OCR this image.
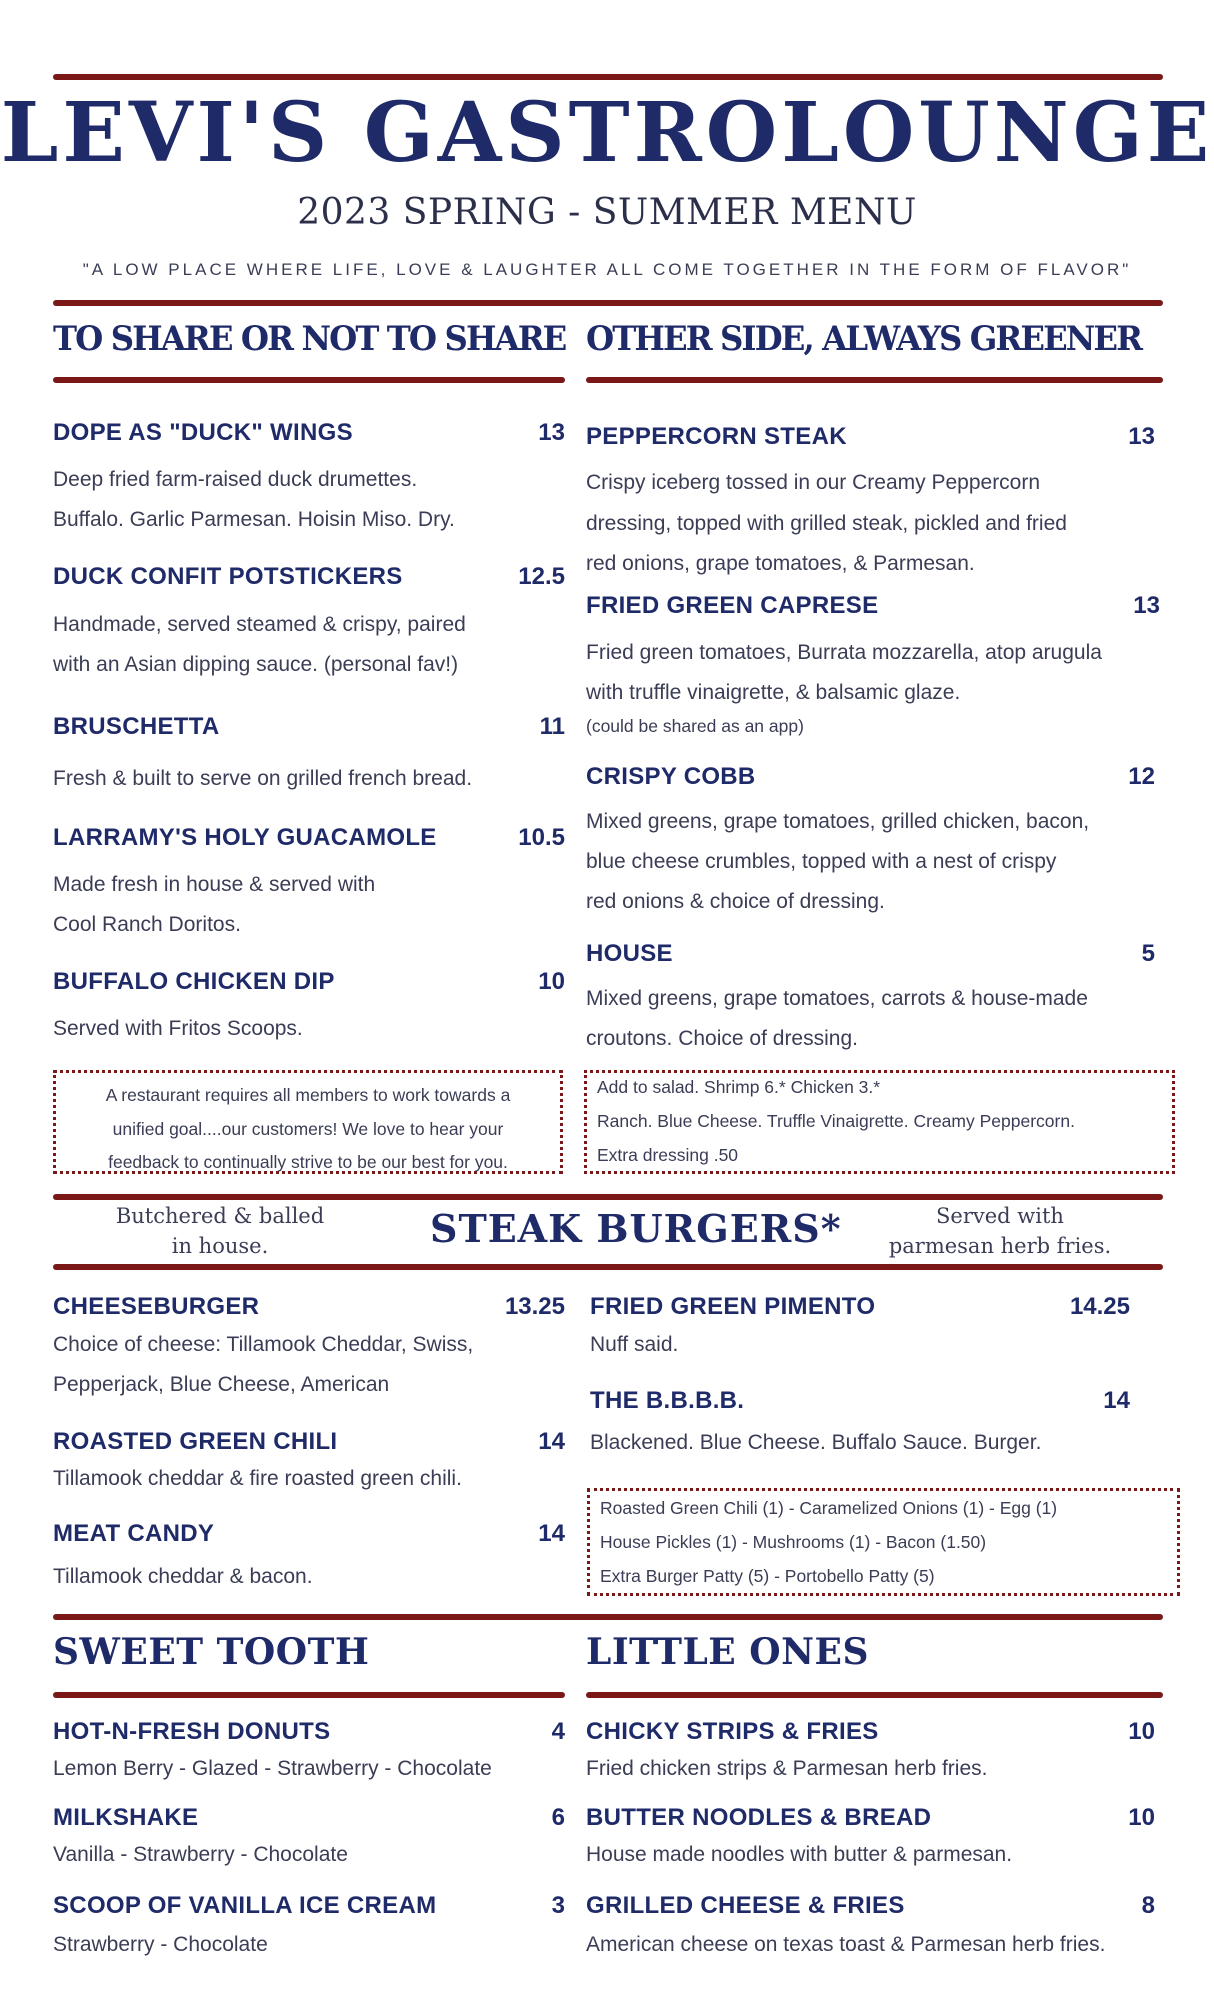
LEVI'S GASTROLOUNGE
2023 SPRING - SUMMER MENU
"A LOW PLACE WHERE LIFE, LOVE & LAUGHTER ALL COME TOGETHER IN THE FORM OF FLAVOR"
TO SHARE OR NOT TO SHARE OTHER SIDE, ALWAYS GREENER
DOPE AS "DUCK" WINGS	13
Deep fried farm-raised duck drumettes.
Buffalo. Garlic Parmesan. Hoisin Miso. Dry.
DUCK CONFIT POTSTICKERS	12.5
Handmade, served steamed & crispy, paired
with an Asian dipping sauce. (personal fav!)
BRUSCHETTA	11
Fresh & built to serve on grilled french bread.
LARRAMY'S HOLY GUACAMOLE	10.5
Made fresh in house & served with
Cool Ranch Doritos.
BUFFALO CHICKEN DIP	10
Served with Fritos Scoops.
A restaurant requires all members to work towards a
unified goal....our customers! We love to hear your
feedback to continually strive to be our best for you.
PEPPERCORN STEAK	13
Crispy iceberg tossed in our Creamy Peppercorn
dressing, topped with grilled steak, pickled and fried
red onions, grape tomatoes, & Parmesan.
FRIED GREEN CAPRESE	13
Fried green tomatoes, Burrata mozzarella, atop arugula
with truffle vinaigrette, & balsamic glaze.
(could be shared as an app)
CRISPY COBB	12
Mixed greens, grape tomatoes, grilled chicken, bacon,
blue cheese crumbles, topped with a nest of crispy
red onions & choice of dressing.
HOUSE	5
Mixed greens, grape tomatoes, carrots & house-made
croutons. Choice of dressing.
Add to salad. Shrimp 6.* Chicken 3.*
Ranch. Blue Cheese. Truffle Vinaigrette. Creamy Peppercorn.
Extra dressing .50
Butchered & balled
in house.	STEAK BURGERS*	Served with
parmesan herb fries.
CHEESEBURGER	13.25
Choice of cheese: Tillamook Cheddar, Swiss,
Pepperjack, Blue Cheese, American
ROASTED GREEN CHILI	14
Tillamook cheddar & fire roasted green chili.
MEAT CANDY	14
Tillamook cheddar & bacon.
FRIED GREEN PIMENTO	14.25
Nuff said.
THE B.B.B.B.	14
Blackened. Blue Cheese. Buffalo Sauce. Burger.
Roasted Green Chili (1) - Caramelized Onions (1) - Egg (1)
House Pickles (1) - Mushrooms (1) - Bacon (1.50)
Extra Burger Patty (5) - Portobello Patty (5)
SWEET TOOTH	LITTLE ONES
HOT-N-FRESH DONUTS	4
Lemon Berry - Glazed - Strawberry - Chocolate
MILKSHAKE	6
Vanilla - Strawberry - Chocolate
SCOOP OF VANILLA ICE CREAM	3
Strawberry - Chocolate
CHICKY STRIPS & FRIES	10
Fried chicken strips & Parmesan herb fries.
BUTTER NOODLES & BREAD	10
House made noodles with butter & parmesan.
GRILLED CHEESE & FRIES	8
American cheese on texas toast & Parmesan herb fries.
